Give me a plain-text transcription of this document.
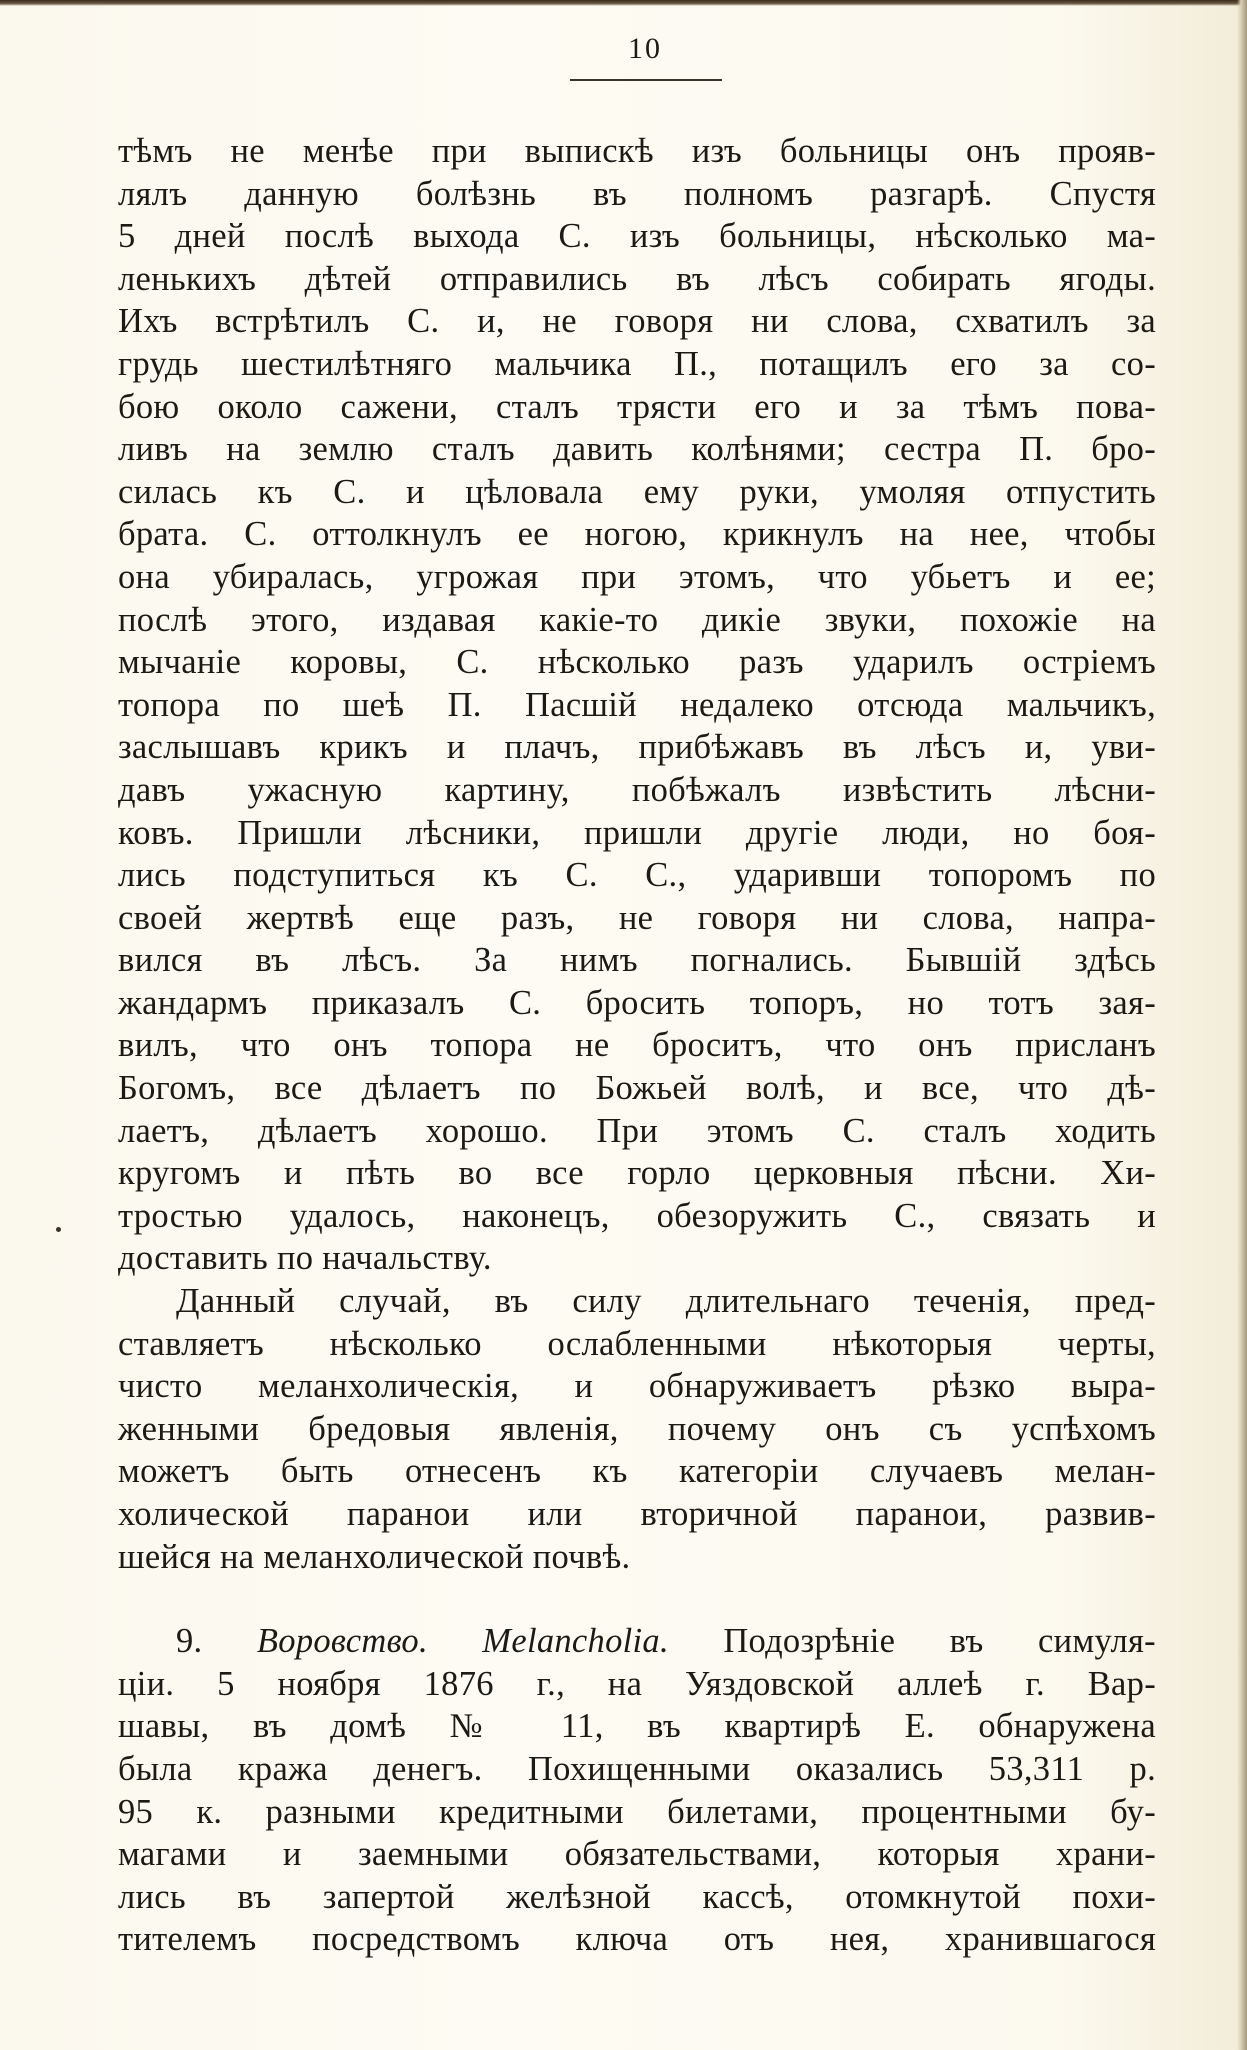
10
тѣмъ не менѣе при выпискѣ изъ больницы онъ прояв-
лялъ данную болѣзнь въ полномъ разгарѣ. Спустя
5 дней послѣ выхода С. изъ больницы, нѣсколько ма-
ленькихъ дѣтей отправились въ лѣсъ собирать ягоды.
Ихъ встрѣтилъ С. и, не говоря ни слова, схватилъ за
грудь шестилѣтняго мальчика П., потащилъ его за со-
бою около сажени, сталъ трясти его и за тѣмъ пова-
ливъ на землю сталъ давить колѣнями; сестра П. бро-
силась къ С. и цѣловала ему руки, умоляя отпустить
брата. С. оттолкнулъ ее ногою, крикнулъ на нее, чтобы
она убиралась, угрожая при этомъ, что убьетъ и ее;
послѣ этого, издавая какіе-то дикіе звуки, похожіе на
мычаніе коровы, С. нѣсколько разъ ударилъ остріемъ
топора по шеѣ П. Пасшій недалеко отсюда мальчикъ,
заслышавъ крикъ и плачъ, прибѣжавъ въ лѣсъ и, уви-
давъ ужасную картину, побѣжалъ извѣстить лѣсни-
ковъ. Пришли лѣсники, пришли другіе люди, но боя-
лись подступиться къ С. С., ударивши топоромъ по
своей жертвѣ еще разъ, не говоря ни слова, напра-
вился въ лѣсъ. За нимъ погнались. Бывшій здѣсь
жандармъ приказалъ С. бросить топоръ, но тотъ зая-
вилъ, что онъ топора не броситъ, что онъ присланъ
Богомъ, все дѣлаетъ по Божьей волѣ, и все, что дѣ-
лаетъ, дѣлаетъ хорошо. При этомъ С. сталъ ходить
кругомъ и пѣть во все горло церковныя пѣсни. Хи-
тростью удалось, наконецъ, обезоружить С., связать и
доставить по начальству.
Данный случай, въ силу длительнаго теченія, пред-
ставляетъ нѣсколько ослабленными нѣкоторыя черты,
чисто меланхолическія, и обнаруживаетъ рѣзко выра-
женными бредовыя явленія, почему онъ съ успѣхомъ
можетъ быть отнесенъ къ категоріи случаевъ мелан-
холической паранои или вторичной паранои, развив-
шейся на меланхолической почвѣ.
9. Воровство. Melancholia. Подозрѣніе въ симуля-
ціи. 5 ноября 1876 г., на Уяздовской аллеѣ г. Вар-
шавы, въ домѣ № 11, въ квартирѣ Е. обнаружена
была кража денегъ. Похищенными оказались 53,311 р.
95 к. разными кредитными билетами, процентными бу-
магами и заемными обязательствами, которыя храни-
лись въ запертой желѣзной кассѣ, отомкнутой похи-
тителемъ посредствомъ ключа отъ нея, хранившагося
